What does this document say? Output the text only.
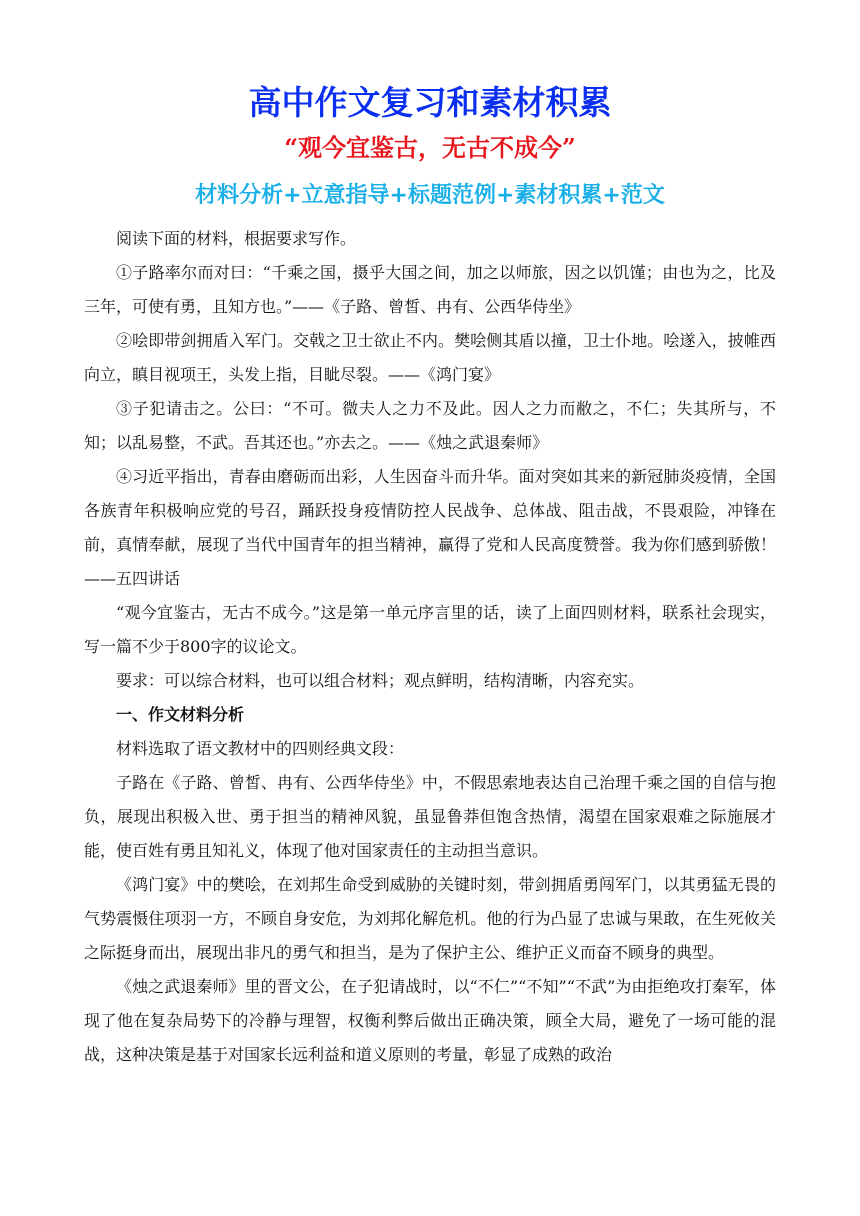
高中作文复习和素材积累
“观今宜鉴古，无古不成今”
材料分析+立意指导+标题范例+素材积累+范文

阅读下面的材料，根据要求写作。

①子路率尔而对曰：“千乘之国，摄乎大国之间，加之以师旅，因之以饥馑；由也为之，比及三年，可使有勇，且知方也。”——《子路、曾皙、冉有、公西华侍坐》

②哙即带剑拥盾入军门。交戟之卫士欲止不内。樊哙侧其盾以撞，卫士仆地。哙遂入，披帷西向立，瞋目视项王，头发上指，目眦尽裂。——《鸿门宴》

③子犯请击之。公曰：“不可。微夫人之力不及此。因人之力而敝之，不仁；失其所与，不知；以乱易整，不武。吾其还也。”亦去之。——《烛之武退秦师》

④习近平指出，青春由磨砺而出彩，人生因奋斗而升华。面对突如其来的新冠肺炎疫情，全国各族青年积极响应党的号召，踊跃投身疫情防控人民战争、总体战、阻击战，不畏艰险，冲锋在前，真情奉献，展现了当代中国青年的担当精神，赢得了党和人民高度赞誉。我为你们感到骄傲！——五四讲话

“观今宜鉴古，无古不成今。”这是第一单元序言里的话，读了上面四则材料，联系社会现实，写一篇不少于800字的议论文。

要求：可以综合材料，也可以组合材料；观点鲜明，结构清晰，内容充实。

一、作文材料分析

材料选取了语文教材中的四则经典文段：

子路在《子路、曾皙、冉有、公西华侍坐》中，不假思索地表达自己治理千乘之国的自信与抱负，展现出积极入世、勇于担当的精神风貌，虽显鲁莽但饱含热情，渴望在国家艰难之际施展才能，使百姓有勇且知礼义，体现了他对国家责任的主动担当意识。

《鸿门宴》中的樊哙，在刘邦生命受到威胁的关键时刻，带剑拥盾勇闯军门，以其勇猛无畏的气势震慑住项羽一方，不顾自身安危，为刘邦化解危机。他的行为凸显了忠诚与果敢，在生死攸关之际挺身而出，展现出非凡的勇气和担当，是为了保护主公、维护正义而奋不顾身的典型。

《烛之武退秦师》里的晋文公，在子犯请战时，以“不仁”“不知”“不武”为由拒绝攻打秦军，体现了他在复杂局势下的冷静与理智，权衡利弊后做出正确决策，顾全大局，避免了一场可能的混战，这种决策是基于对国家长远利益和道义原则的考量，彰显了成熟的政治
